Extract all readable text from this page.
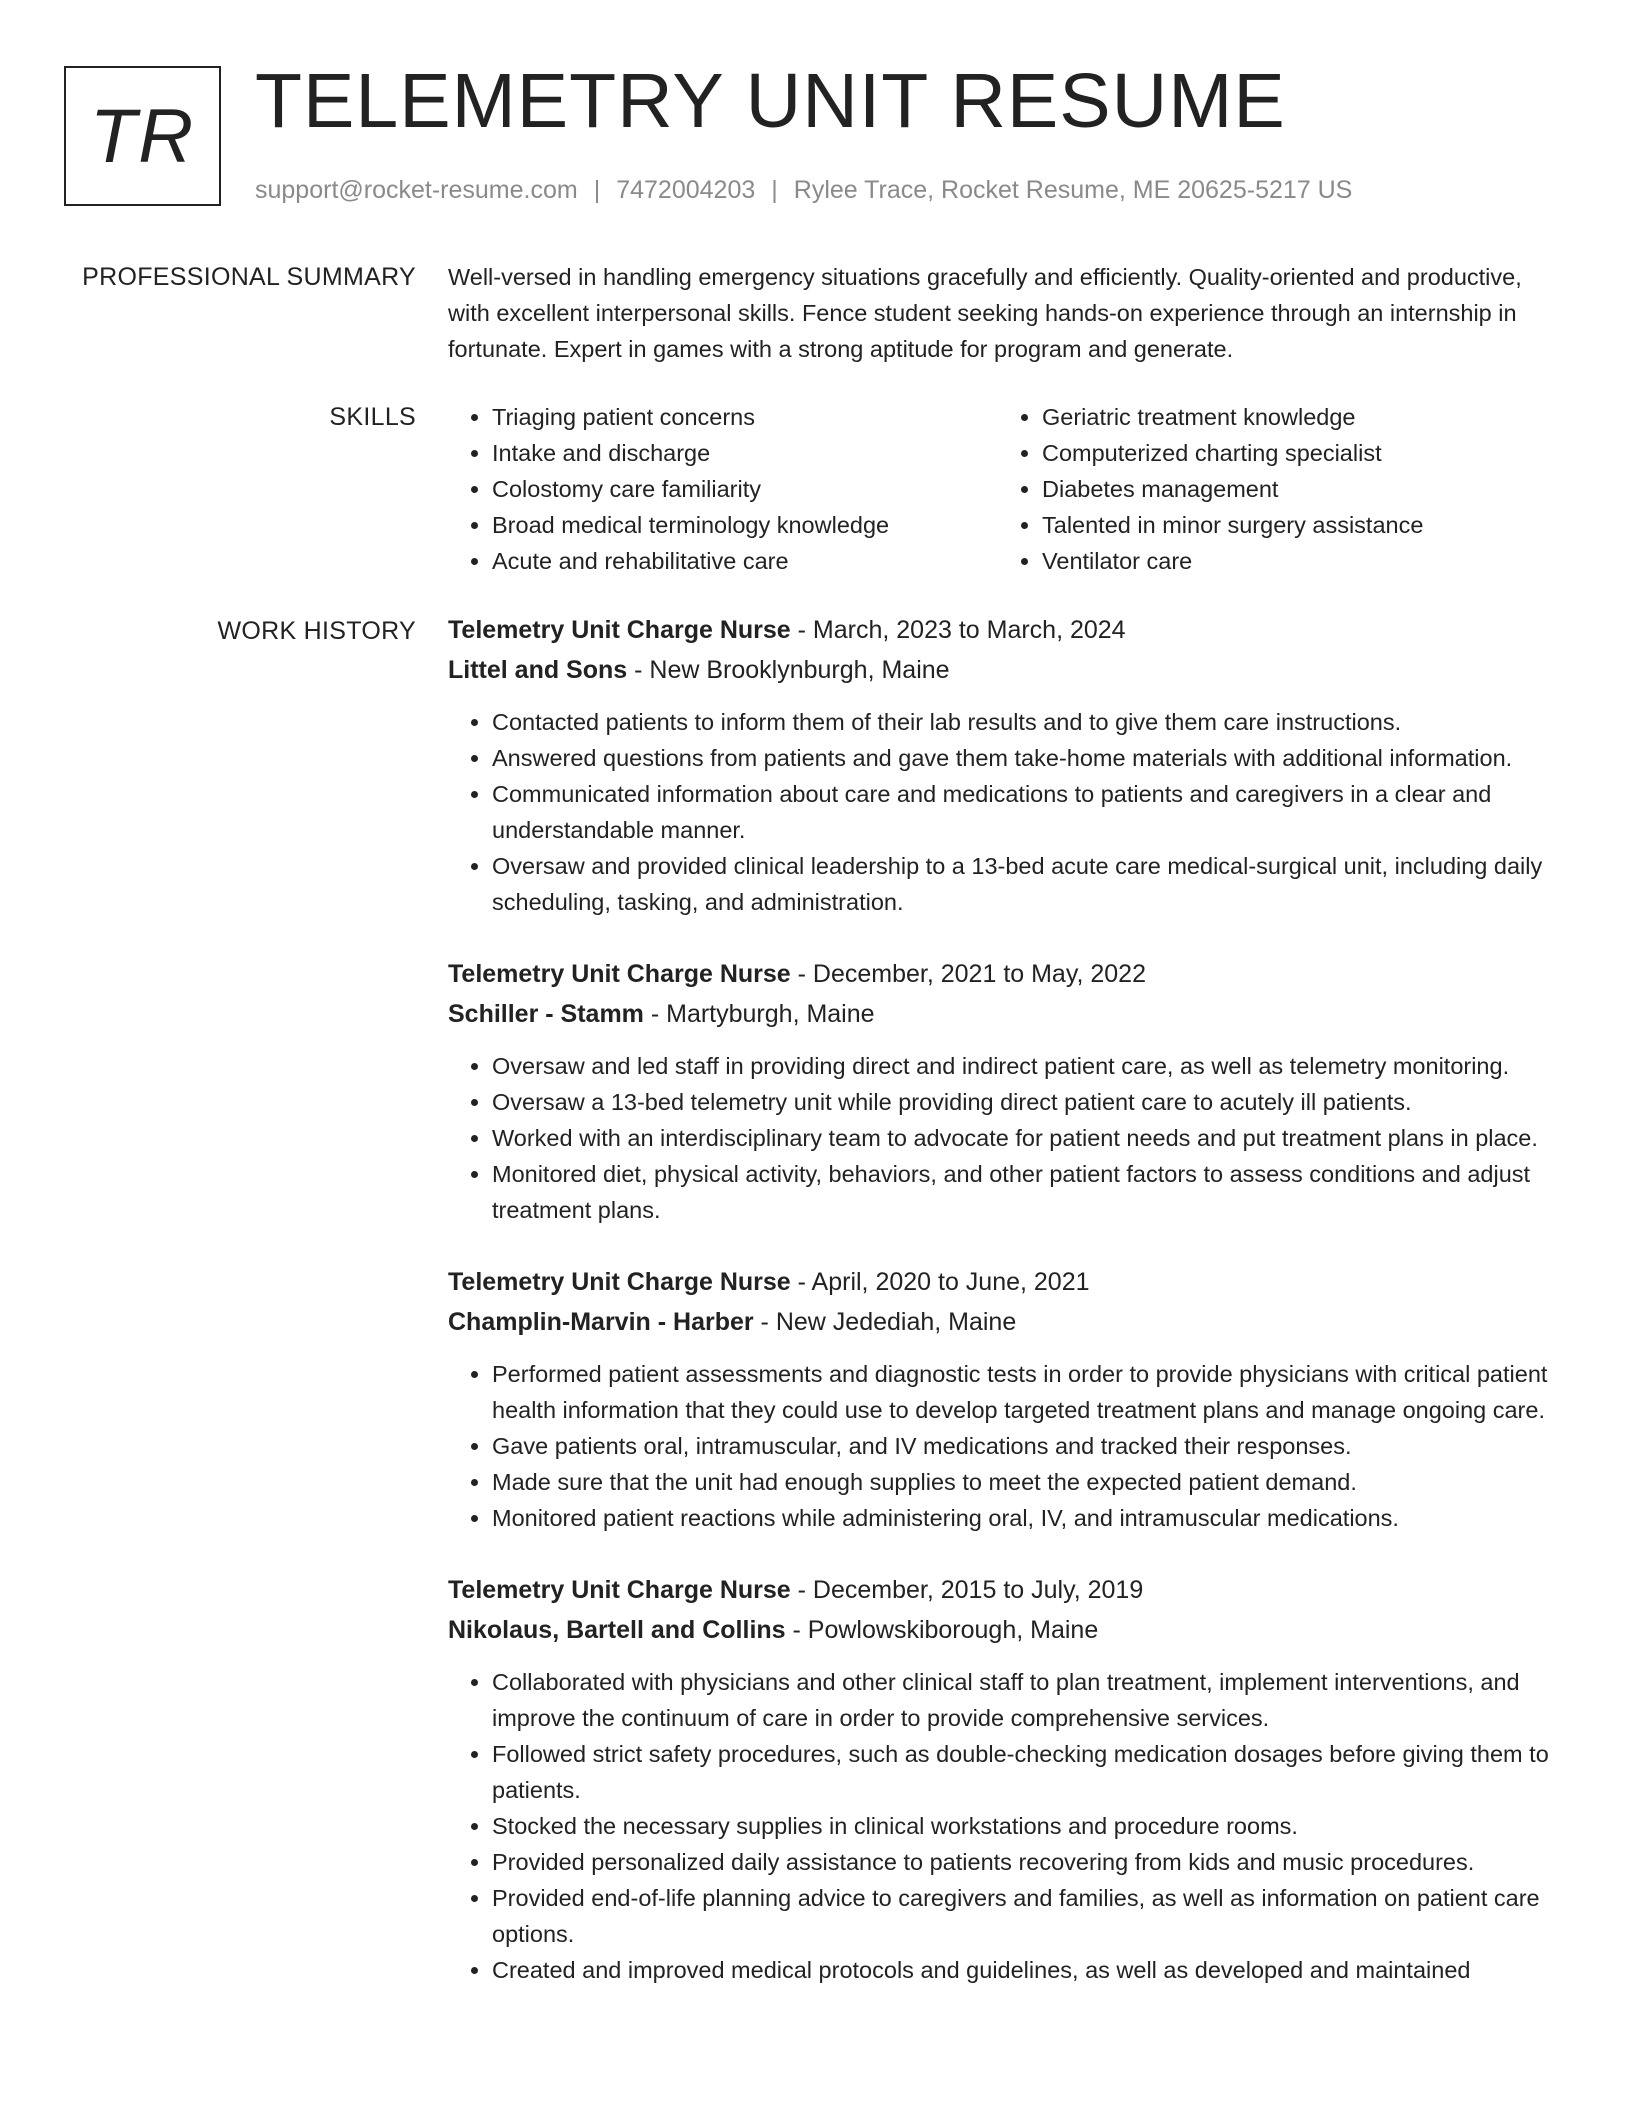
TR TELEMETRY UNIT RESUME
support@rocket-resume.com | 7472004203 | Rylee Trace, Rocket Resume, ME 20625-5217 US
PROFESSIONAL SUMMARY Well-versed in handling emergency situations gracefully and efficiently. Quality-oriented and productive, with excellent interpersonal skills. Fence student seeking hands-on experience through an internship in fortunate. Expert in games with a strong aptitude for program and generate.

SKILLS
•	Triaging patient concerns
• Intake and discharge
• Colostomy care familiarity
• Broad medical terminology knowledge
• Acute and rehabilitative care
• Geriatric treatment knowledge
• Computerized charting specialist
• Diabetes management
• Talented in minor surgery assistance
• Ventilator care
WORK HISTORY Telemetry Unit Charge Nurse - March, 2023 to March, 2024
Littel and Sons - New Brooklynburgh, Maine
• Contacted patients to inform them of their lab results and to give them care instructions.
• Answered questions from patients and gave them take-home materials with additional information.
• Communicated information about care and medications to patients and caregivers in a clear and understandable manner.
• Oversaw and provided clinical leadership to a 13-bed acute care medical-surgical unit, including daily scheduling, tasking, and administration.
Telemetry Unit Charge Nurse - December, 2021 to May, 2022
Schiller - Stamm - Martyburgh, Maine
• Oversaw and led staff in providing direct and indirect patient care, as well as telemetry monitoring.
• Oversaw a 13-bed telemetry unit while providing direct patient care to acutely ill patients.
• Worked with an interdisciplinary team to advocate for patient needs and put treatment plans in place.
• Monitored diet, physical activity, behaviors, and other patient factors to assess conditions and adjust treatment plans.
Telemetry Unit Charge Nurse - April, 2020 to June, 2021
Champlin-Marvin - Harber - New Jedediah, Maine
• Performed patient assessments and diagnostic tests in order to provide physicians with critical patient health information that they could use to develop targeted treatment plans and manage ongoing care.
• Gave patients oral, intramuscular, and IV medications and tracked their responses.
• Made sure that the unit had enough supplies to meet the expected patient demand.
• Monitored patient reactions while administering oral, IV, and intramuscular medications.
Telemetry Unit Charge Nurse - December, 2015 to July, 2019
Nikolaus, Bartell and Collins - Powlowskiborough, Maine
• Collaborated with physicians and other clinical staff to plan treatment, implement interventions, and improve the continuum of care in order to provide comprehensive services.
• Followed strict safety procedures, such as double-checking medication dosages before giving them to patients.
• Stocked the necessary supplies in clinical workstations and procedure rooms.
• Provided personalized daily assistance to patients recovering from kids and music procedures.
• Provided end-of-life planning advice to caregivers and families, as well as information on patient care options.
• Created and improved medical protocols and guidelines, as well as developed and maintained
